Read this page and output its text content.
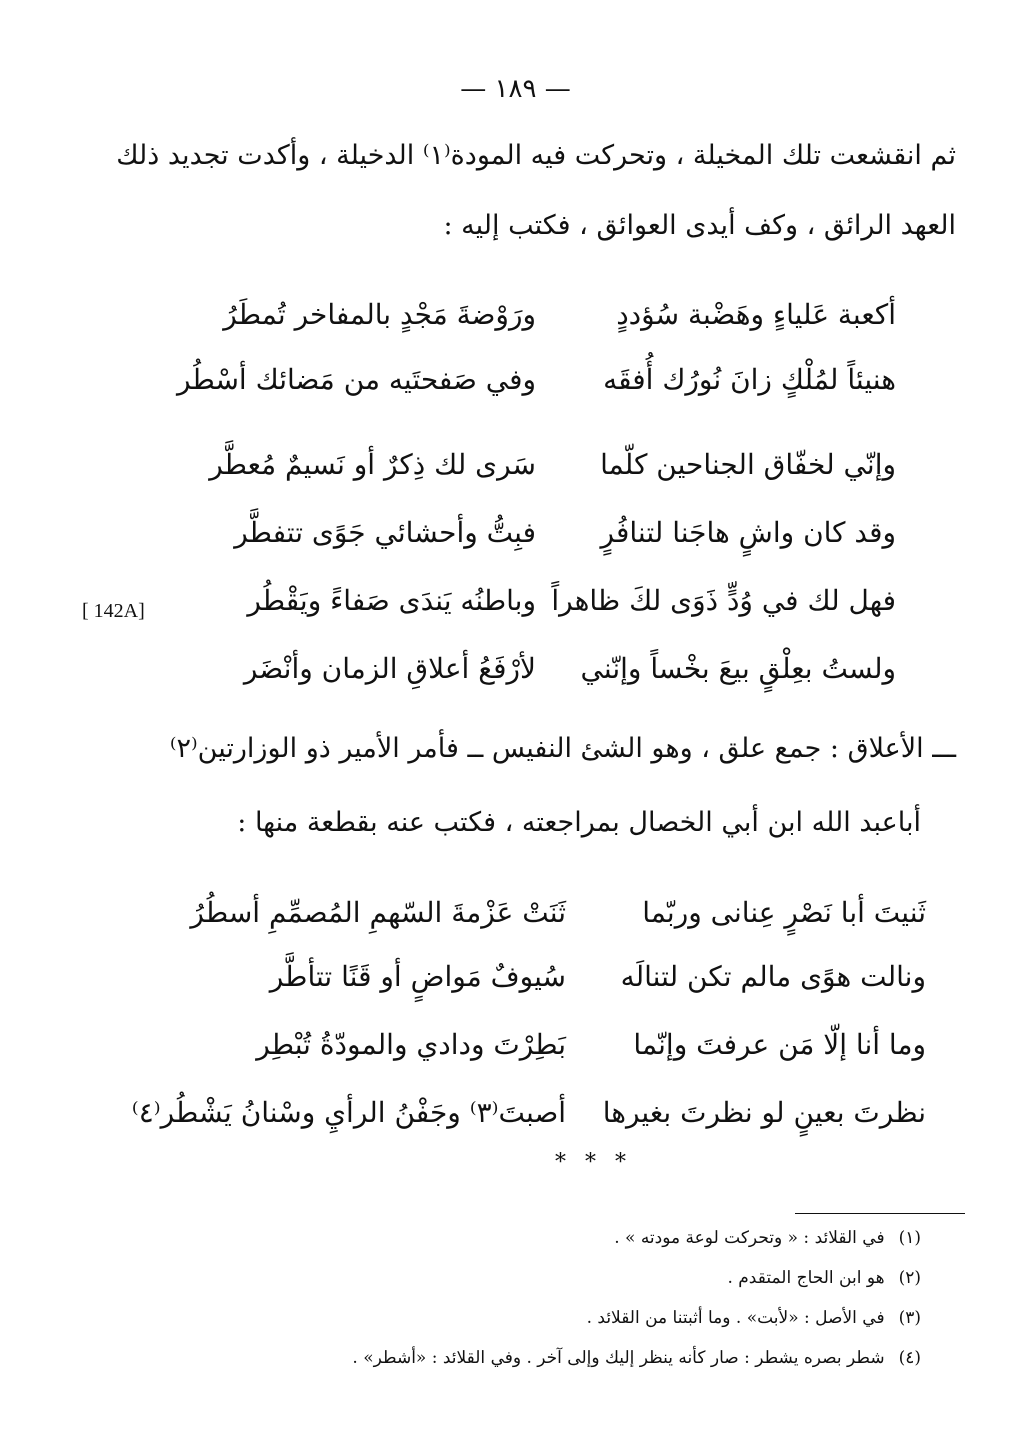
— ١٨٩ —
ثم انقشعت تلك المخيلة ، وتحركت فيه المودة⁽١⁾ الدخيلة ، وأكدت تجديد ذلك
العهد الرائق ، وكف أيدى العوائق ، فكتب إليه :
أكعبة عَلياءٍ وهَضْبة سُؤددٍ
ورَوْضةَ مَجْدٍ بالمفاخر تُمطَرُ
هنيئاً لمُلْكٍ زانَ نُورُك أُفقَه
وفي صَفحتَيه من مَضائك أسْطُر
وإنّي لخفّاق الجناحين كلّما
سَرى لك ذِكرٌ أو نَسيمٌ مُعطَّر
وقد كان واشٍ هاجَنا لتنافُرٍ
فبِتُّ وأحشائي جَوًى تتفطَّر
فهل لك في وُدٍّ ذَوَى لكَ ظاهراً
وباطنُه يَندَى صَفاءً ويَقْطُر
ولستُ بعِلْقٍ بيعَ بخْساً وإنّني
لأرْفَعُ أعلاقِ الزمان وأنْضَر
[ 142A]
ـــ الأعلاق : جمع علق ، وهو الشئ النفيس ــ فأمر الأمير ذو الوزارتين⁽٢⁾
أباعبد الله ابن أبي الخصال بمراجعته ، فكتب عنه بقطعة منها :
ثَنيتَ أبا نَصْرٍ عِنانى وربّما
ثَنَتْ عَزْمةَ السّهمِ المُصمِّمِ أسطُرُ
ونالت هوًى مالم تكن لتنالَه
سُيوفٌ مَواضٍ أو قَنًا تتأطَّر
وما أنا إلّا مَن عرفتَ وإنّما
بَطِرْتَ ودادي والمودّةُ تُبْطِر
نظرتَ بعينٍ لو نظرتَ بغيرها
أصبتَ⁽٣⁾ وجَفْنُ الرأيِ وسْنانُ يَشْطُر⁽٤⁾
* * *
(١)في القلائد : « وتحركت لوعة مودته » .
(٢)هو ابن الحاج المتقدم .
(٣)في الأصل : «لأبت» . وما أثبتنا من القلائد .
(٤)شطر بصره يشطر : صار كأنه ينظر إليك وإلى آخر . وفي القلائد : «أشطر» .
